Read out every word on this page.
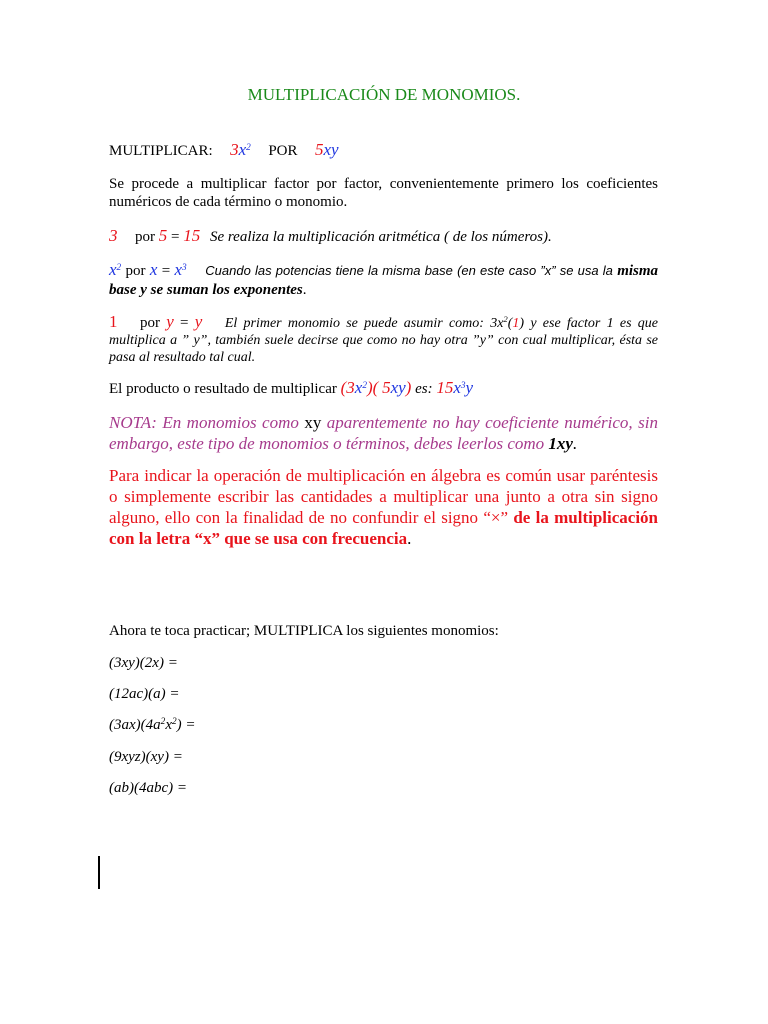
MULTIPLICACIÓN DE MONOMIOS.

MULTIPLICAR: $3x^2$ POR 5xy

Se procede a multiplicar factor por factor, convenientemente primero los coeficientes numéricos de cada término o monomio.

3 por 5 = 15 Se realiza la multiplicación aritmética ( de los números).

$x^2$ por $x = x^3$ Cuando las potencias tiene la misma base (en este caso ”x” se usa la misma base y se suman los exponentes.

1 por y = y El primer monomio se puede asumir como: $3x^2(1)$ y ese factor 1 es que multiplica a ” y”, también suele decirse que como no hay otra ”y” con cual multiplicar, ésta se pasa al resultado tal cual.

El producto o resultado de multiplicar $(3x^2)$( 5xy) es: $15x^3y$

NOTA: En monomios como xy aparentemente no hay coeficiente numérico, sin embargo, este tipo de monomios o términos, debes leerlos como 1xy.

Para indicar la operación de multiplicación en álgebra es común usar paréntesis o simplemente escribir las cantidades a multiplicar una junto a otra sin signo alguno, ello con la finalidad de no confundir el signo “×” de la multiplicación con la letra “x” que se usa con frecuencia.

Ahora te toca practicar; MULTIPLICA los siguientes monomios:

(3xy)(2x) =

(12ac)(a) =

$(3ax)(4a^2x^2)$ =

(9xyz)(xy) =

(ab)(4abc) =
